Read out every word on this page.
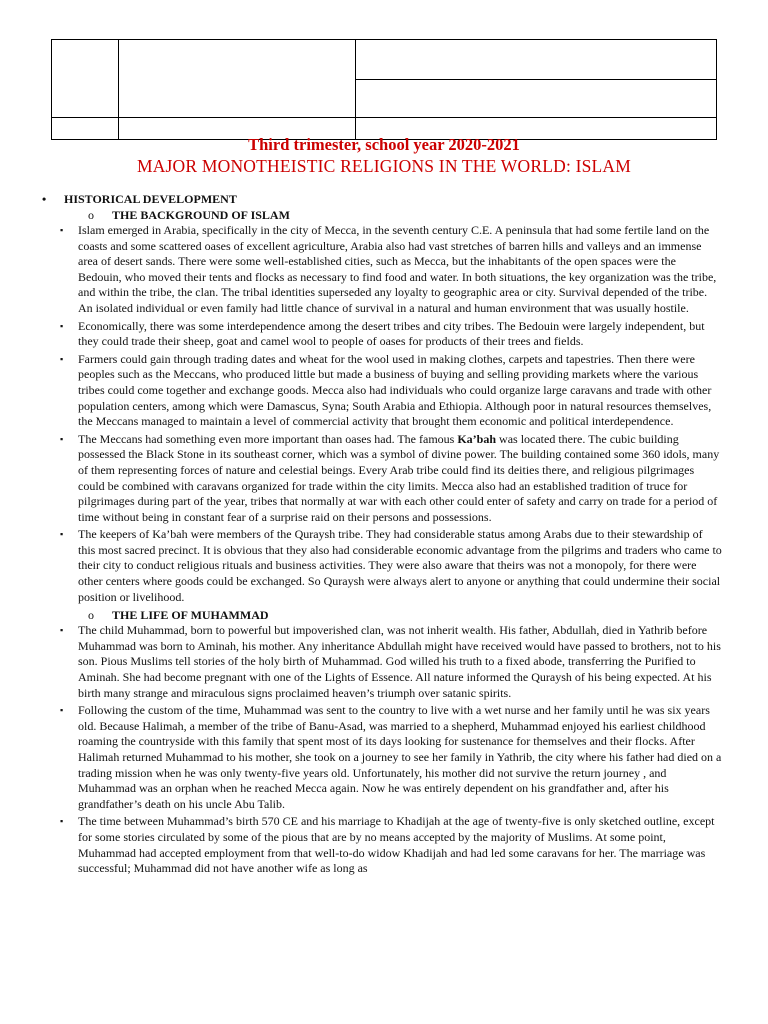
Third trimester, school year 2020-2021

MAJOR MONOTHEISTIC RELIGIONS IN THE WORLD: ISLAM

• HISTORICAL DEVELOPMENT
o THE BACKGROUND OF ISLAM

▪ Islam emerged in Arabia, specifically in the city of Mecca, in the seventh century C.E. A peninsula that had some fertile land on the coasts and some scattered oases of excellent agriculture, Arabia also had vast stretches of barren hills and valleys and an immense area of desert sands. There were some well-established cities, such as Mecca, but the inhabitants of the open spaces were the Bedouin, who moved their tents and flocks as necessary to find food and water. In both situations, the key organization was the tribe, and within the tribe, the clan. The tribal identities superseded any loyalty to geographic area or city. Survival depended of the tribe. An isolated individual or even family had little chance of survival in a natural and human environment that was usually hostile.

▪ Economically, there was some interdependence among the desert tribes and city tribes. The Bedouin were largely independent, but they could trade their sheep, goat and camel wool to people of oases for products of their trees and fields.

▪ Farmers could gain through trading dates and wheat for the wool used in making clothes, carpets and tapestries. Then there were peoples such as the Meccans, who produced little but made a business of buying and selling providing markets where the various tribes could come together and exchange goods. Mecca also had individuals who could organize large caravans and trade with other population centers, among which were Damascus, Syna; South Arabia and Ethiopia. Although poor in natural resources themselves, the Meccans managed to maintain a level of commercial activity that brought them economic and political interdependence.

▪ The Meccans had something even more important than oases had. The famous Ka’bah was located there. The cubic building possessed the Black Stone in its southeast corner, which was a symbol of divine power. The building contained some 360 idols, many of them representing forces of nature and celestial beings. Every Arab tribe could find its deities there, and religious pilgrimages could be combined with caravans organized for trade within the city limits. Mecca also had an established tradition of truce for pilgrimages during part of the year, tribes that normally at war with each other could enter of safety and carry on trade for a period of time without being in constant fear of a surprise raid on their persons and possessions.

▪ The keepers of Ka’bah were members of the Quraysh tribe. They had considerable status among Arabs due to their stewardship of this most sacred precinct. It is obvious that they also had considerable economic advantage from the pilgrims and traders who came to their city to conduct religious rituals and business activities. They were also aware that theirs was not a monopoly, for there were other centers where goods could be exchanged. So Quraysh were always alert to anyone or anything that could undermine their social position or livelihood.

o THE LIFE OF MUHAMMAD

▪ The child Muhammad, born to powerful but impoverished clan, was not inherit wealth. His father, Abdullah, died in Yathrib before Muhammad was born to Aminah, his mother. Any inheritance Abdullah might have received would have passed to brothers, not to his son. Pious Muslims tell stories of the holy birth of Muhammad. God willed his truth to a fixed abode, transferring the Purified to Aminah. She had become pregnant with one of the Lights of Essence. All nature informed the Quraysh of his being expected. At his birth many strange and miraculous signs proclaimed heaven’s triumph over satanic spirits.

▪ Following the custom of the time, Muhammad was sent to the country to live with a wet nurse and her family until he was six years old. Because Halimah, a member of the tribe of Banu-Asad, was married to a shepherd, Muhammad enjoyed his earliest childhood roaming the countryside with this family that spent most of its days looking for sustenance for themselves and their flocks. After Halimah returned Muhammad to his mother, she took on a journey to see her family in Yathrib, the city where his father had died on a trading mission when he was only twenty-five years old. Unfortunately, his mother did not survive the return journey , and Muhammad was an orphan when he reached Mecca again. Now he was entirely dependent on his grandfather and, after his grandfather’s death on his uncle Abu Talib.

▪ The time between Muhammad’s birth 570 CE and his marriage to Khadijah at the age of twenty-five is only sketched outline, except for some stories circulated by some of the pious that are by no means accepted by the majority of Muslims. At some point, Muhammad had accepted employment from that well-to-do widow Khadijah and had led some caravans for her. The marriage was successful; Muhammad did not have another wife as long as
